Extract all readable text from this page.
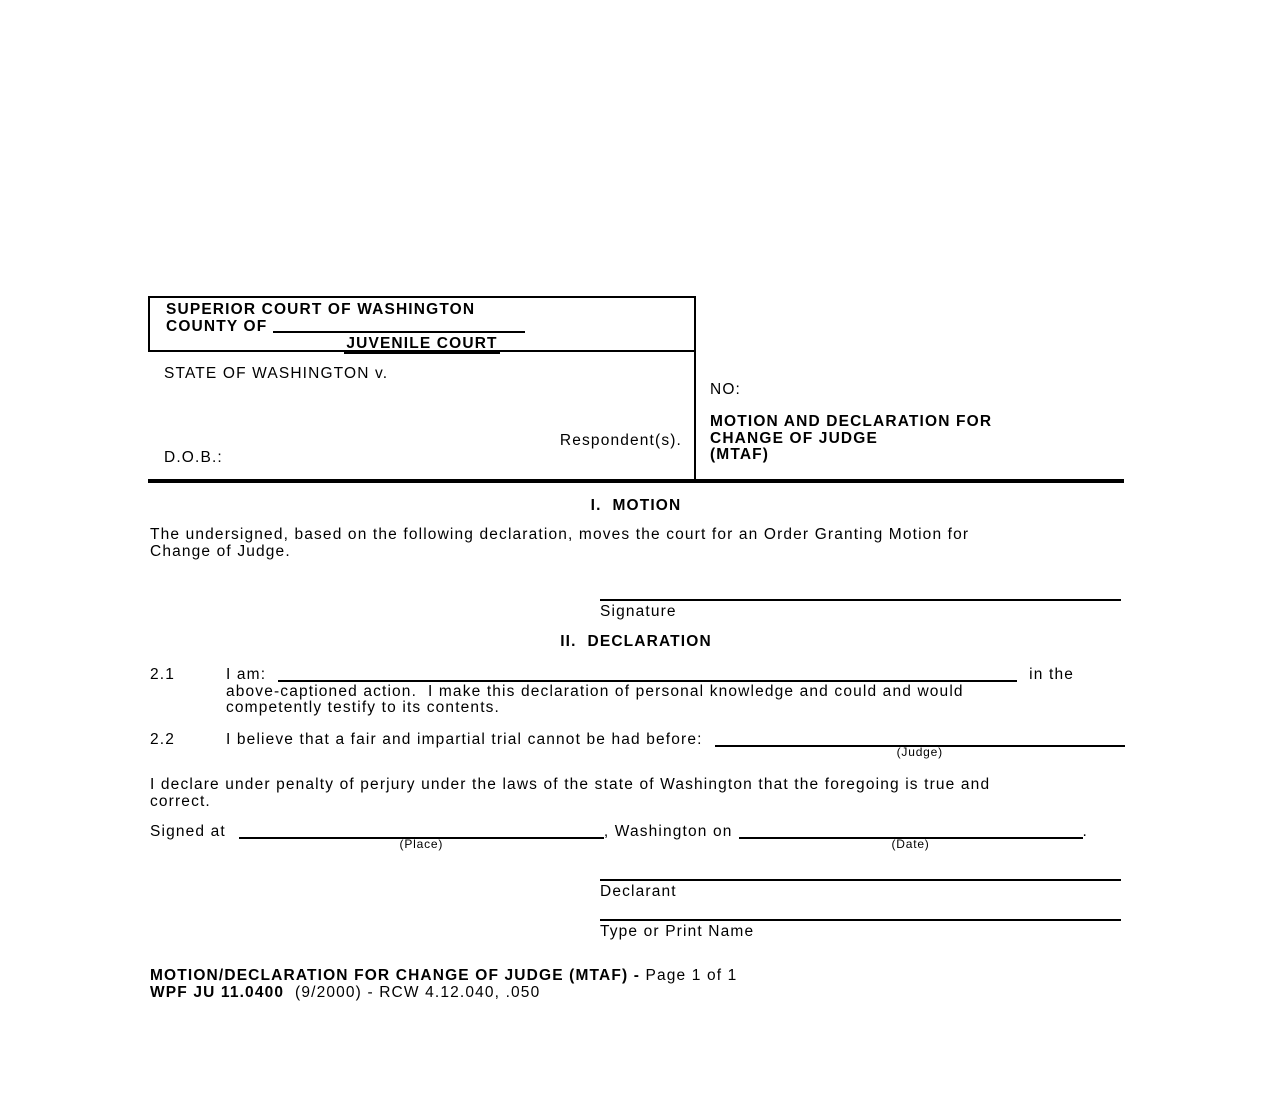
SUPERIOR COURT OF WASHINGTON
COUNTY OF
JUVENILE COURT
STATE OF WASHINGTON v.
Respondent(s).
D.O.B.:
NO:
MOTION AND DECLARATION FOR
CHANGE OF JUDGE
(MTAF)
I.  MOTION
The undersigned, based on the following declaration, moves the court for an Order Granting Motion for
Change of Judge.
Signature
II.  DECLARATION
2.1	I am:	in the
above-captioned action.  I make this declaration of personal knowledge and could and would
competently testify to its contents.
2.2	I believe that a fair and impartial trial cannot be had before:
(Judge)
I declare under penalty of perjury under the laws of the state of Washington that the foregoing is true and
correct.
Signed at
(Place)
, Washington on
(Date)
.
Declarant
Type or Print Name
MOTION/DECLARATION FOR CHANGE OF JUDGE (MTAF) - Page 1 of 1
WPF JU 11.0400  (9/2000) - RCW 4.12.040, .050
